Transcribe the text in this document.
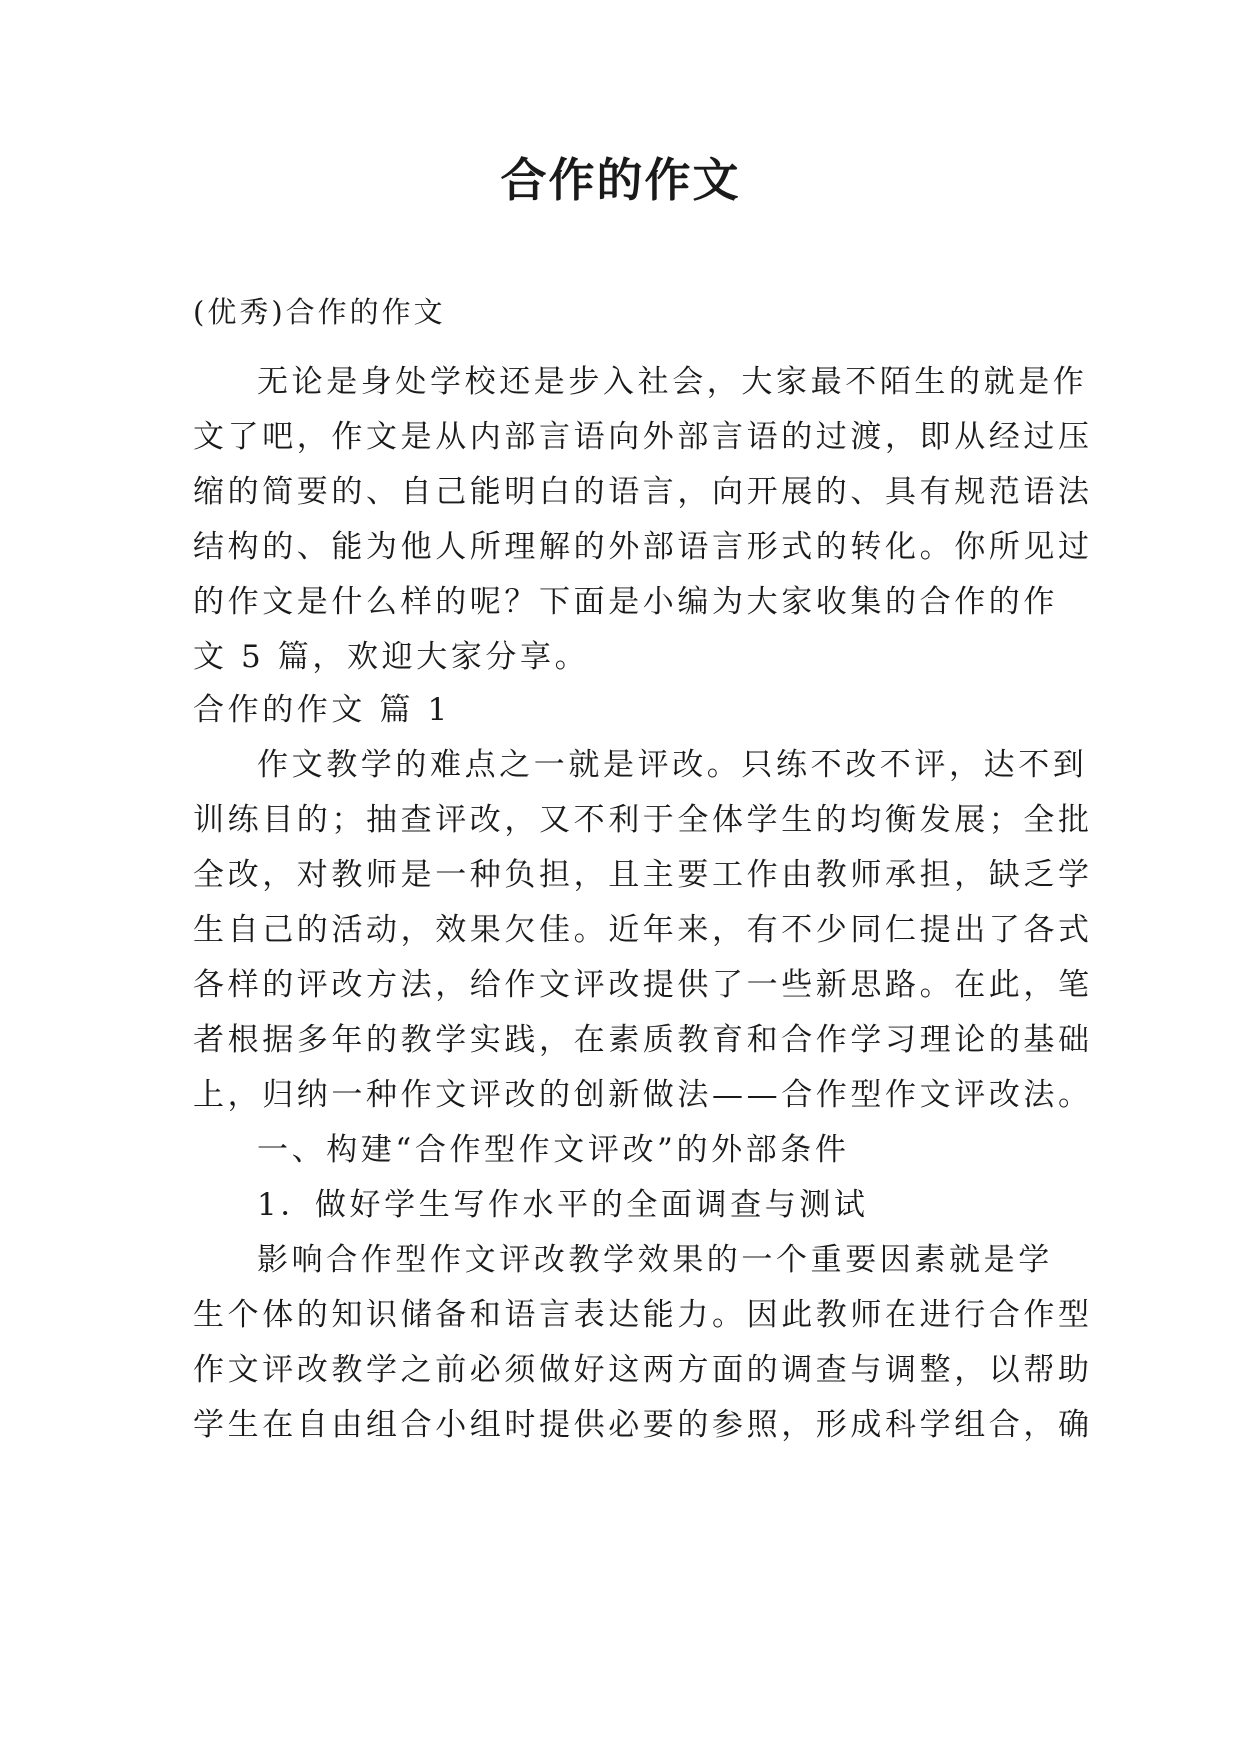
合作的作文

(优秀)合作的作文

无论是身处学校还是步入社会，大家最不陌生的就是作

文了吧，作文是从内部言语向外部言语的过渡，即从经过压

缩的简要的、自己能明白的语言，向开展的、具有规范语法

结构的、能为他人所理解的外部语言形式的转化。你所见过

的作文是什么样的呢？下面是小编为大家收集的合作的作

文 5 篇，欢迎大家分享。

合作的作文 篇 1

作文教学的难点之一就是评改。只练不改不评，达不到

训练目的；抽查评改，又不利于全体学生的均衡发展；全批

全改，对教师是一种负担，且主要工作由教师承担，缺乏学

生自己的活动，效果欠佳。近年来，有不少同仁提出了各式

各样的评改方法，给作文评改提供了一些新思路。在此，笔

者根据多年的教学实践，在素质教育和合作学习理论的基础

上，归纳一种作文评改的创新做法——合作型作文评改法。

一、构建“合作型作文评改”的外部条件

1．做好学生写作水平的全面调查与测试

影响合作型作文评改教学效果的一个重要因素就是学

生个体的知识储备和语言表达能力。因此教师在进行合作型

作文评改教学之前必须做好这两方面的调查与调整，以帮助

学生在自由组合小组时提供必要的参照，形成科学组合，确
